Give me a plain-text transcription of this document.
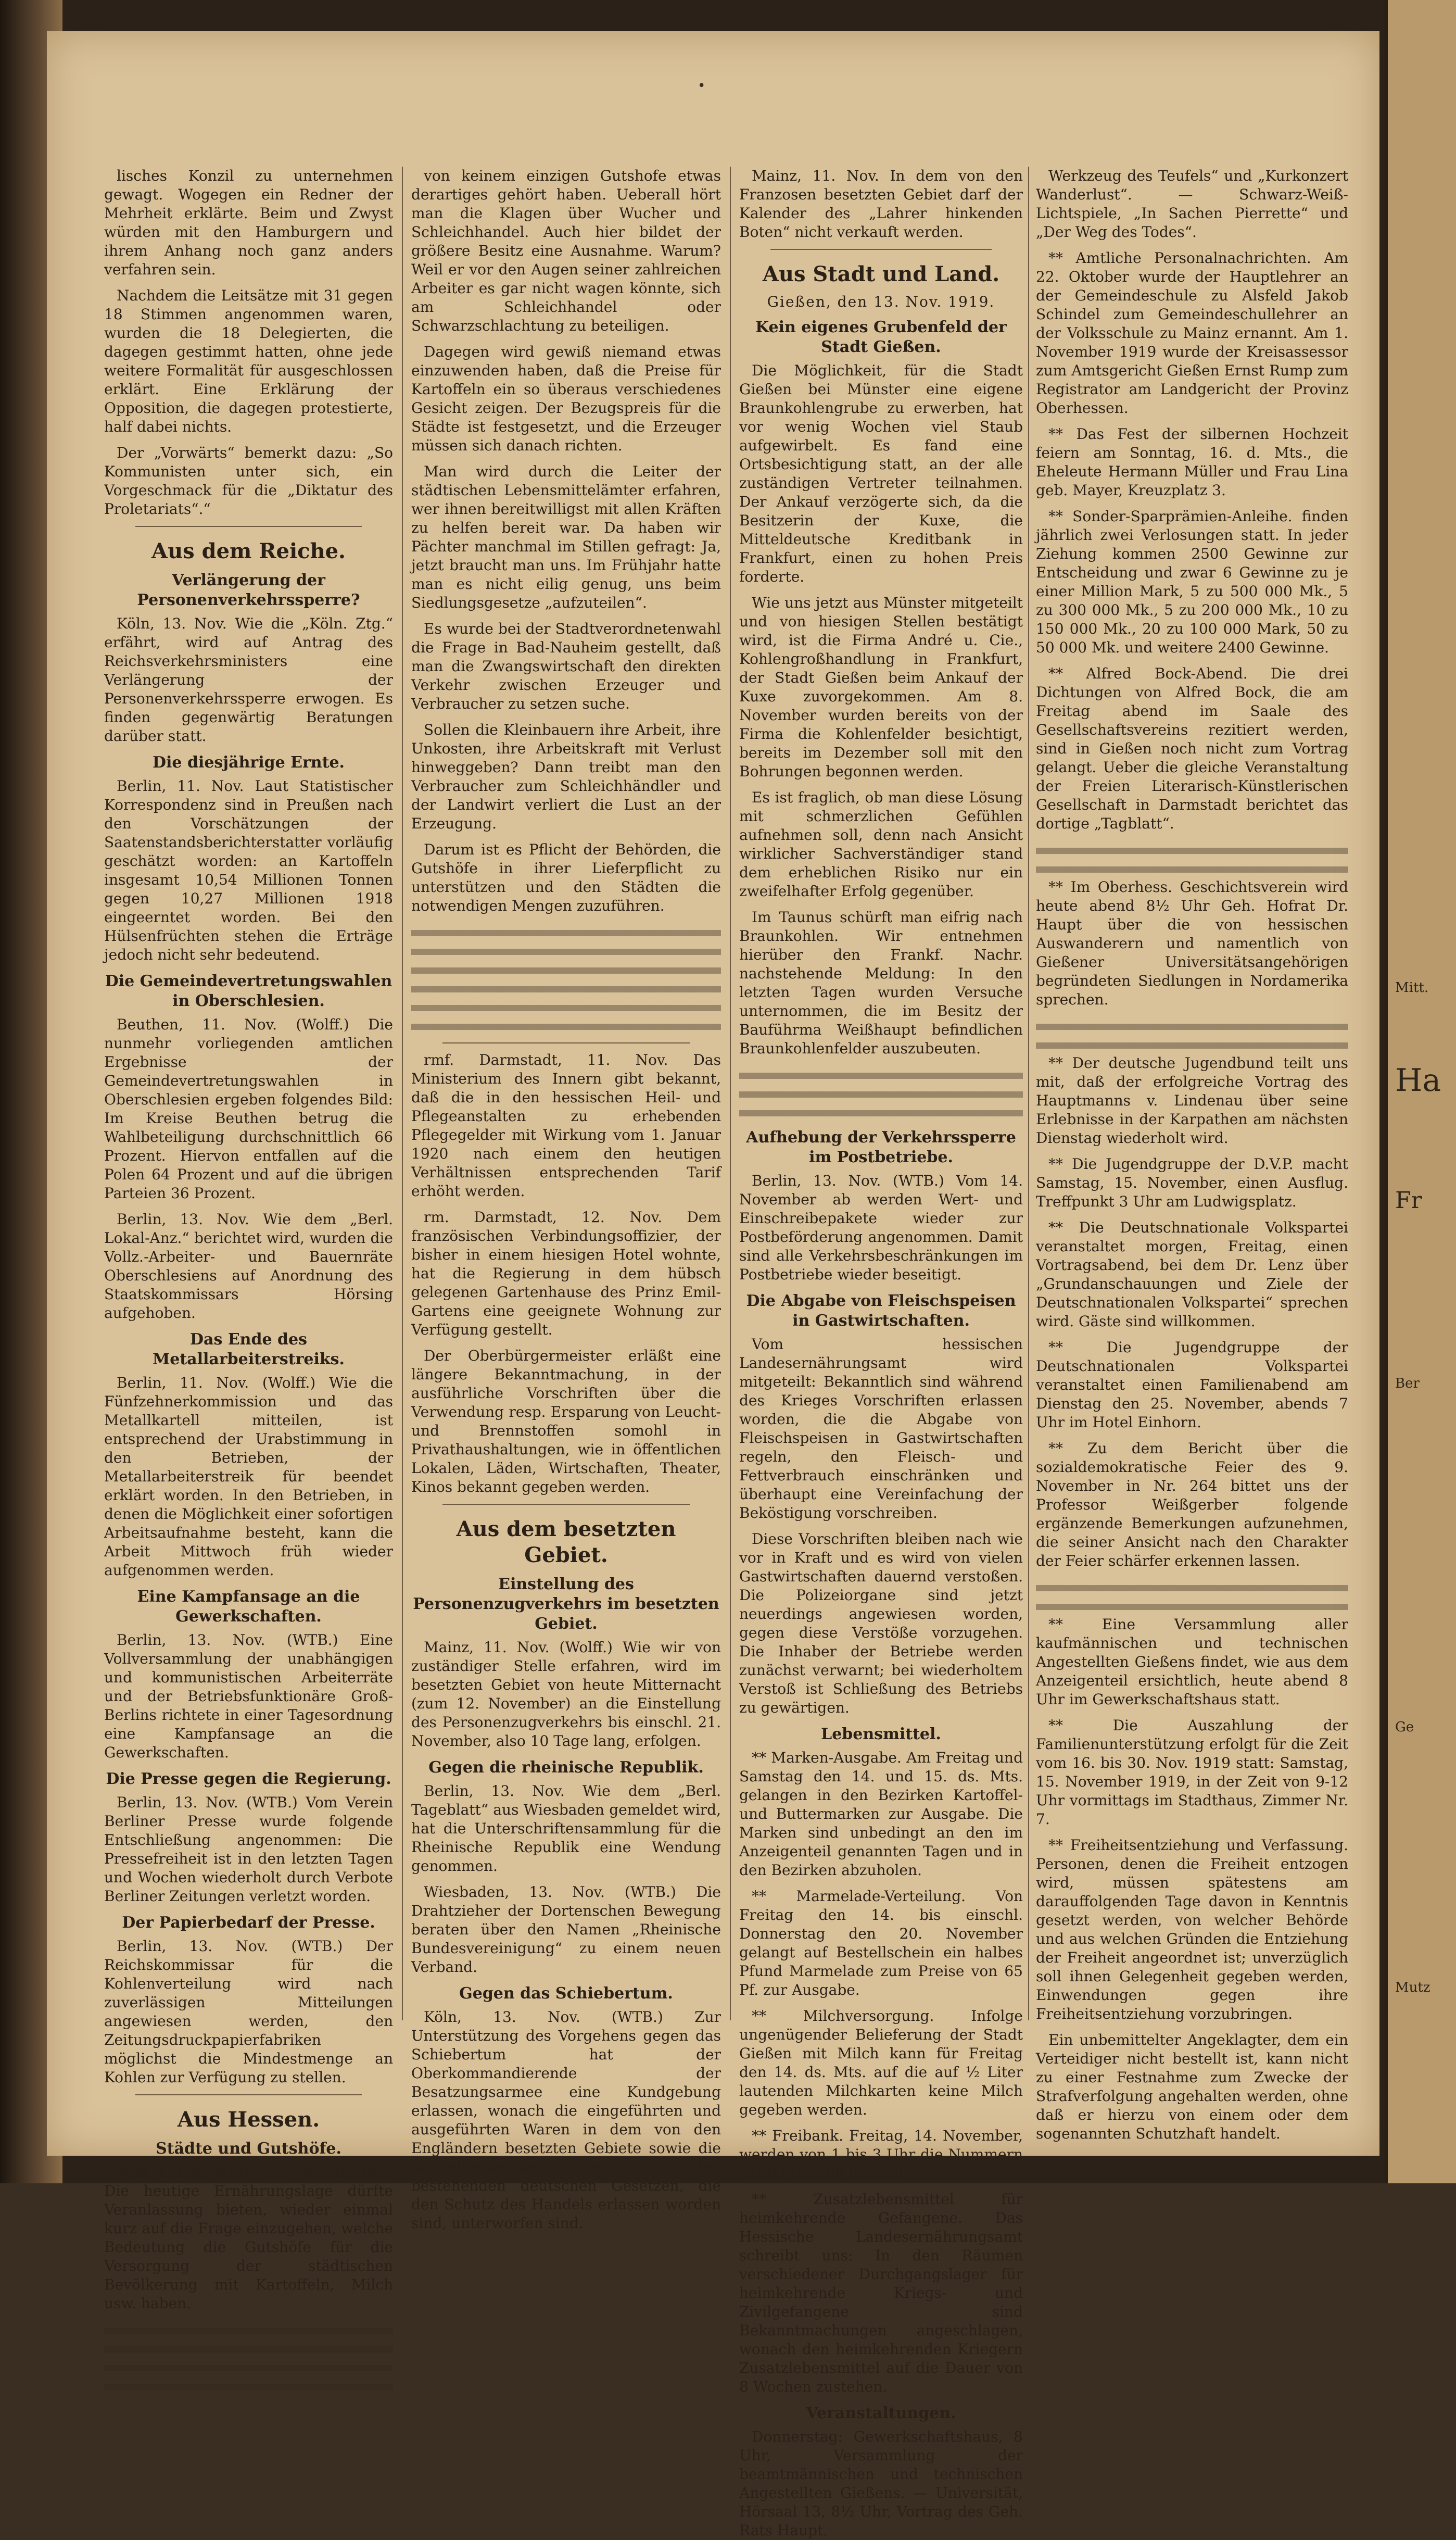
•

lisches Konzil zu unternehmen gewagt. Wogegen ein Redner der Mehrheit erklärte. Beim und Zwyst würden mit den Hamburgern und ihrem Anhang noch ganz anders verfahren sein.

Nachdem die Leitsätze mit 31 gegen 18 Stimmen angenommen waren, wurden die 18 Delegierten, die dagegen gestimmt hatten, ohne jede weitere Formalität für ausgeschlossen erklärt. Eine Erklärung der Opposition, die dagegen protestierte, half dabei nichts.

Der „Vorwärts“ bemerkt dazu: „So Kommunisten unter sich, ein Vorgeschmack für die „Diktatur des Proletariats“.“

Aus dem Reiche.
Verlängerung der Personenverkehrssperre?

Köln, 13. Nov. Wie die „Köln. Ztg.“ erfährt, wird auf Antrag des Reichsverkehrsministers eine Verlängerung der Personenverkehrssperre erwogen. Es finden gegenwärtig Beratungen darüber statt.

Die diesjährige Ernte.

Berlin, 11. Nov. Laut Statistischer Korrespondenz sind in Preußen nach den Vorschätzungen der Saatenstandsberichterstatter vorläufig geschätzt worden: an Kartoffeln insgesamt 10,54 Millionen Tonnen gegen 10,27 Millionen 1918 eingeerntet worden. Bei den Hülsenfrüchten stehen die Erträge jedoch nicht sehr bedeutend.

Die Gemeindevertretungswahlen in Oberschlesien.

Beuthen, 11. Nov. (Wolff.) Die nunmehr vorliegenden amtlichen Ergebnisse der Gemeindevertretungswahlen in Oberschlesien ergeben folgendes Bild: Im Kreise Beuthen betrug die Wahlbeteiligung durchschnittlich 66 Prozent. Hiervon entfallen auf die Polen 64 Prozent und auf die übrigen Parteien 36 Prozent.

Berlin, 13. Nov. Wie dem „Berl. Lokal-Anz.“ berichtet wird, wurden die Vollz.-Arbeiter- und Bauernräte Oberschlesiens auf Anordnung des Staatskommissars Hörsing aufgehoben.

Das Ende des Metallarbeiterstreiks.

Berlin, 11. Nov. (Wolff.) Wie die Fünfzehnerkommission und das Metallkartell mitteilen, ist entsprechend der Urabstimmung in den Betrieben, der Metallarbeiterstreik für beendet erklärt worden. In den Betrieben, in denen die Möglichkeit einer sofortigen Arbeitsaufnahme besteht, kann die Arbeit Mittwoch früh wieder aufgenommen werden.

Eine Kampfansage an die Gewerkschaften.

Berlin, 13. Nov. (WTB.) Eine Vollversammlung der unabhängigen und kommunistischen Arbeiterräte und der Betriebsfunktionäre Groß-Berlins richtete in einer Tagesordnung eine Kampfansage an die Gewerkschaften.

Die Presse gegen die Regierung.

Berlin, 13. Nov. (WTB.) Vom Verein Berliner Presse wurde folgende Entschließung angenommen: Die Pressefreiheit ist in den letzten Tagen und Wochen wiederholt durch Verbote Berliner Zeitungen verletzt worden.

Der Papierbedarf der Presse.

Berlin, 13. Nov. (WTB.) Der Reichskommissar für die Kohlenverteilung wird nach zuverlässigen Mitteilungen angewiesen werden, den Zeitungsdruckpapierfabriken möglichst die Mindestmenge an Kohlen zur Verfügung zu stellen.

Aus Hessen.
Städte und Gutshöfe.

Vom Lande wird uns geschrieben: Die heutige Ernährungslage dürfte Veranlassung bieten, wieder einmal kurz auf die Frage einzugehen, welche Bedeutung die Gutshöfe für die Versorgung der städtischen Bevölkerung mit Kartoffeln, Milch usw. haben.

von keinem einzigen Gutshofe etwas derartiges gehört haben. Ueberall hört man die Klagen über Wucher und Schleichhandel. Auch hier bildet der größere Besitz eine Ausnahme. Warum? Weil er vor den Augen seiner zahlreichen Arbeiter es gar nicht wagen könnte, sich am Schleichhandel oder Schwarzschlachtung zu beteiligen.

Dagegen wird gewiß niemand etwas einzuwenden haben, daß die Preise für Kartoffeln ein so überaus verschiedenes Gesicht zeigen. Der Bezugspreis für die Städte ist festgesetzt, und die Erzeuger müssen sich danach richten.

Man wird durch die Leiter der städtischen Lebensmittelämter erfahren, wer ihnen bereitwilligst mit allen Kräften zu helfen bereit war. Da haben wir Pächter manchmal im Stillen gefragt: Ja, jetzt braucht man uns. Im Frühjahr hatte man es nicht eilig genug, uns beim Siedlungsgesetze „aufzuteilen“.

Es wurde bei der Stadtverordnetenwahl die Frage in Bad-Nauheim gestellt, daß man die Zwangswirtschaft den direkten Verkehr zwischen Erzeuger und Verbraucher zu setzen suche.

Sollen die Kleinbauern ihre Arbeit, ihre Unkosten, ihre Arbeitskraft mit Verlust hinweggeben? Dann treibt man den Verbraucher zum Schleichhändler und der Landwirt verliert die Lust an der Erzeugung.

Darum ist es Pflicht der Behörden, die Gutshöfe in ihrer Lieferpflicht zu unterstützen und den Städten die notwendigen Mengen zuzuführen.

rmf. Darmstadt, 11. Nov. Das Ministerium des Innern gibt bekannt, daß die in den hessischen Heil- und Pflegeanstalten zu erhebenden Pflegegelder mit Wirkung vom 1. Januar 1920 nach einem den heutigen Verhältnissen entsprechenden Tarif erhöht werden.

rm. Darmstadt, 12. Nov. Dem französischen Verbindungsoffizier, der bisher in einem hiesigen Hotel wohnte, hat die Regierung in dem hübsch gelegenen Gartenhause des Prinz Emil-Gartens eine geeignete Wohnung zur Verfügung gestellt.

Der Oberbürgermeister erläßt eine längere Bekanntmachung, in der ausführliche Vorschriften über die Verwendung resp. Ersparung von Leucht- und Brennstoffen somohl in Privathaushaltungen, wie in öffentlichen Lokalen, Läden, Wirtschaften, Theater, Kinos bekannt gegeben werden.

Aus dem besetzten Gebiet.
Einstellung des Personenzugverkehrs im besetzten Gebiet.

Mainz, 11. Nov. (Wolff.) Wie wir von zuständiger Stelle erfahren, wird im besetzten Gebiet von heute Mitternacht (zum 12. November) an die Einstellung des Personenzugverkehrs bis einschl. 21. November, also 10 Tage lang, erfolgen.

Gegen die rheinische Republik.

Berlin, 13. Nov. Wie dem „Berl. Tageblatt“ aus Wiesbaden gemeldet wird, hat die Unterschriftensammlung für die Rheinische Republik eine Wendung genommen.

Wiesbaden, 13. Nov. (WTB.) Die Drahtzieher der Dortenschen Bewegung beraten über den Namen „Rheinische Bundesvereinigung“ zu einem neuen Verband.

Gegen das Schiebertum.

Köln, 13. Nov. (WTB.) Zur Unterstützung des Vorgehens gegen das Schiebertum hat der Oberkommandierende der Besatzungsarmee eine Kundgebung erlassen, wonach die eingeführten und ausgeführten Waren in dem von den Engländern besetzten Gebiete sowie die handeltreibenden Personen den bestehenden deutschen Gesetzen, die den Schutz des Handels erlassen worden sind, unterworfen sind.

Mainz, 11. Nov. In dem von den Franzosen besetzten Gebiet darf der Kalender des „Lahrer hinkenden Boten“ nicht verkauft werden.

Aus Stadt und Land.
Gießen, den 13. Nov. 1919.
Kein eigenes Grubenfeld der Stadt Gießen.

Die Möglichkeit, für die Stadt Gießen bei Münster eine eigene Braunkohlengrube zu erwerben, hat vor wenig Wochen viel Staub aufgewirbelt. Es fand eine Ortsbesichtigung statt, an der alle zuständigen Vertreter teilnahmen. Der Ankauf verzögerte sich, da die Besitzerin der Kuxe, die Mitteldeutsche Kreditbank in Frankfurt, einen zu hohen Preis forderte.

Wie uns jetzt aus Münster mitgeteilt und von hiesigen Stellen bestätigt wird, ist die Firma André u. Cie., Kohlengroßhandlung in Frankfurt, der Stadt Gießen beim Ankauf der Kuxe zuvorgekommen. Am 8. November wurden bereits von der Firma die Kohlenfelder besichtigt, bereits im Dezember soll mit den Bohrungen begonnen werden.

Es ist fraglich, ob man diese Lösung mit schmerzlichen Gefühlen aufnehmen soll, denn nach Ansicht wirklicher Sachverständiger stand dem erheblichen Risiko nur ein zweifelhafter Erfolg gegenüber.

Im Taunus schürft man eifrig nach Braunkohlen. Wir entnehmen hierüber den Frankf. Nachr. nachstehende Meldung: In den letzten Tagen wurden Versuche unternommen, die im Besitz der Bauführma Weißhaupt befindlichen Braunkohlenfelder auszubeuten.

Aufhebung der Verkehrssperre im Postbetriebe.

Berlin, 13. Nov. (WTB.) Vom 14. November ab werden Wert- und Einschreibepakete wieder zur Postbeförderung angenommen. Damit sind alle Verkehrsbeschränkungen im Postbetriebe wieder beseitigt.

Die Abgabe von Fleischspeisen in Gastwirtschaften.

Vom hessischen Landesernährungsamt wird mitgeteilt: Bekanntlich sind während des Krieges Vorschriften erlassen worden, die die Abgabe von Fleischspeisen in Gastwirtschaften regeln, den Fleisch- und Fettverbrauch einschränken und überhaupt eine Vereinfachung der Beköstigung vorschreiben.

Diese Vorschriften bleiben nach wie vor in Kraft und es wird von vielen Gastwirtschaften dauernd verstoßen. Die Polizeiorgane sind jetzt neuerdings angewiesen worden, gegen diese Verstöße vorzugehen. Die Inhaber der Betriebe werden zunächst verwarnt; bei wiederholtem Verstoß ist Schließung des Betriebs zu gewärtigen.

Lebensmittel.

** Marken-Ausgabe. Am Freitag und Samstag den 14. und 15. ds. Mts. gelangen in den Bezirken Kartoffel- und Buttermarken zur Ausgabe. Die Marken sind unbedingt an den im Anzeigenteil genannten Tagen und in den Bezirken abzuholen.

** Marmelade-Verteilung. Von Freitag den 14. bis einschl. Donnerstag den 20. November gelangt auf Bestellschein ein halbes Pfund Marmelade zum Preise von 65 Pf. zur Ausgabe.

** Milchversorgung. Infolge ungenügender Belieferung der Stadt Gießen mit Milch kann für Freitag den 14. ds. Mts. auf die auf ½ Liter lautenden Milchkarten keine Milch gegeben werden.

** Freibank. Freitag, 14. November, werden von 1 bis 3 Uhr die Nummern 3150 bis 3200 bedient.

** Zusatzlebensmittel für heimkehrende Gefangene. Das Hessische Landesernährungsamt schreibt uns: In den Räumen verschiedener Durchgangslager für heimkehrende Kriegs- und Zivilgefangene sind Bekanntmachungen angeschlagen, wonach den heimkehrenden Kriegern Zusatzlebensmittel auf die Dauer von 8 Wochen zustehen.

Veranstaltungen.

Donnerstag: Gewerkschaftshaus, 8 Uhr, Versammlung der beamtmännischen und technischen Angestellten Gießens. — Universität, Hörsaal 13, 8½ Uhr, Vortrag des Geh. Rats Haupt.

Werkzeug des Teufels“ und „Kurkonzert Wanderlust“. — Schwarz-Weiß-Lichtspiele, „In Sachen Pierrette“ und „Der Weg des Todes“.

** Amtliche Personalnachrichten. Am 22. Oktober wurde der Hauptlehrer an der Gemeindeschule zu Alsfeld Jakob Schindel zum Gemeindeschullehrer an der Volksschule zu Mainz ernannt. Am 1. November 1919 wurde der Kreisassessor zum Amtsgericht Gießen Ernst Rump zum Registrator am Landgericht der Provinz Oberhessen.

** Das Fest der silbernen Hochzeit feiern am Sonntag, 16. d. Mts., die Eheleute Hermann Müller und Frau Lina geb. Mayer, Kreuzplatz 3.

** Sonder-Sparprämien-Anleihe. finden jährlich zwei Verlosungen statt. In jeder Ziehung kommen 2500 Gewinne zur Entscheidung und zwar 6 Gewinne zu je einer Million Mark, 5 zu 500 000 Mk., 5 zu 300 000 Mk., 5 zu 200 000 Mk., 10 zu 150 000 Mk., 20 zu 100 000 Mark, 50 zu 50 000 Mk. und weitere 2400 Gewinne.

** Alfred Bock-Abend. Die drei Dichtungen von Alfred Bock, die am Freitag abend im Saale des Gesellschaftsvereins rezitiert werden, sind in Gießen noch nicht zum Vortrag gelangt. Ueber die gleiche Veranstaltung der Freien Literarisch-Künstlerischen Gesellschaft in Darmstadt berichtet das dortige „Tagblatt“.

** Im Oberhess. Geschichtsverein wird heute abend 8½ Uhr Geh. Hofrat Dr. Haupt über die von hessischen Auswanderern und namentlich von Gießener Universitätsangehörigen begründeten Siedlungen in Nordamerika sprechen.

** Der deutsche Jugendbund teilt uns mit, daß der erfolgreiche Vortrag des Hauptmanns v. Lindenau über seine Erlebnisse in der Karpathen am nächsten Dienstag wiederholt wird.

** Die Jugendgruppe der D.V.P. macht Samstag, 15. November, einen Ausflug. Treffpunkt 3 Uhr am Ludwigsplatz.

** Die Deutschnationale Volkspartei veranstaltet morgen, Freitag, einen Vortragsabend, bei dem Dr. Lenz über „Grundanschauungen und Ziele der Deutschnationalen Volkspartei“ sprechen wird. Gäste sind willkommen.

** Die Jugendgruppe der Deutschnationalen Volkspartei veranstaltet einen Familienabend am Dienstag den 25. November, abends 7 Uhr im Hotel Einhorn.

** Zu dem Bericht über die sozialdemokratische Feier des 9. November in Nr. 264 bittet uns der Professor Weißgerber folgende ergänzende Bemerkungen aufzunehmen, die seiner Ansicht nach den Charakter der Feier schärfer erkennen lassen.

** Eine Versammlung aller kaufmännischen und technischen Angestellten Gießens findet, wie aus dem Anzeigenteil ersichtlich, heute abend 8 Uhr im Gewerkschaftshaus statt.

** Die Auszahlung der Familienunterstützung erfolgt für die Zeit vom 16. bis 30. Nov. 1919 statt: Samstag, 15. November 1919, in der Zeit von 9-12 Uhr vormittags im Stadthaus, Zimmer Nr. 7.

** Freiheitsentziehung und Verfassung. Personen, denen die Freiheit entzogen wird, müssen spätestens am darauffolgenden Tage davon in Kenntnis gesetzt werden, von welcher Behörde und aus welchen Gründen die Entziehung der Freiheit angeordnet ist; unverzüglich soll ihnen Gelegenheit gegeben werden, Einwendungen gegen ihre Freiheitsentziehung vorzubringen.

Ein unbemittelter Angeklagter, dem ein Verteidiger nicht bestellt ist, kann nicht zu einer Festnahme zum Zwecke der Strafverfolgung angehalten werden, ohne daß er hierzu von einem oder dem sogenannten Schutzhaft handelt.

Mitt.
Ber
Ge
Ha
Fr
Mutz
